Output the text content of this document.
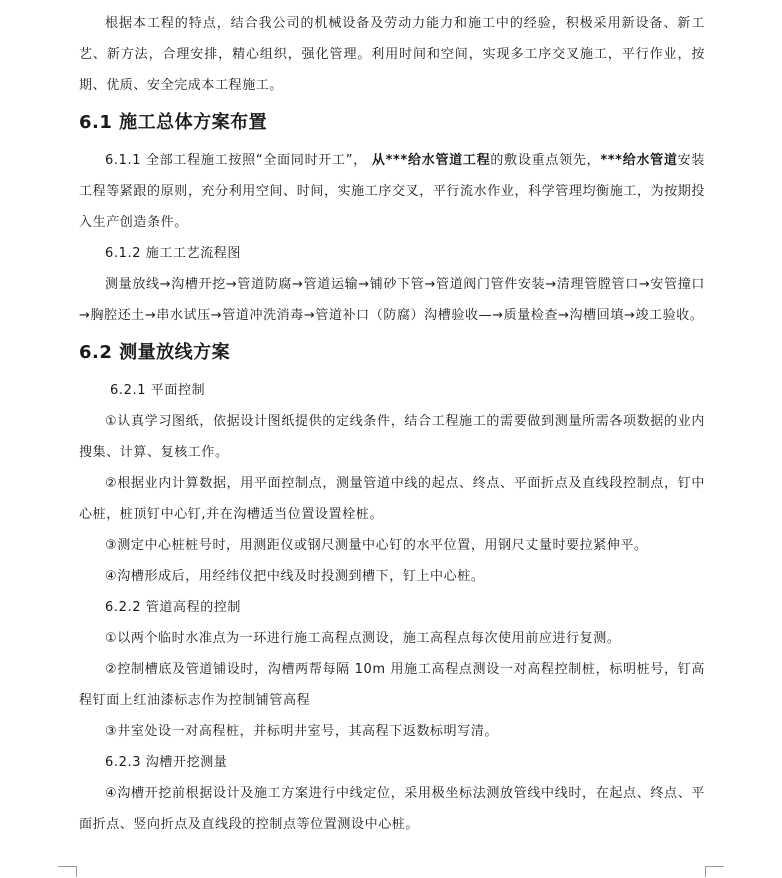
根据本工程的特点，结合我公司的机械设备及劳动力能力和施工中的经验，积极采用新设备、新工艺、新方法，合理安排，精心组织，强化管理。利用时间和空间，实现多工序交叉施工，平行作业，按期、优质、安全完成本工程施工。

6.1 施工总体方案布置

6.1.1 全部工程施工按照“全面同时开工”， 从***给水管道工程的敷设重点领先，***给水管道安装工程等紧跟的原则，充分利用空间、时间，实施工序交叉，平行流水作业，科学管理均衡施工，为按期投入生产创造条件。

6.1.2 施工工艺流程图

测量放线→沟槽开挖→管道防腐→管道运输→铺砂下管→管道阀门管件安装→清理管膛管口→安管撞口→胸腔还土→串水试压→管道冲洗消毒→管道补口（防腐）沟槽验收—→质量检查→沟槽回填→竣工验收。

6.2 测量放线方案

6.2.1 平面控制

①认真学习图纸，依据设计图纸提供的定线条件，结合工程施工的需要做到测量所需各项数据的业内搜集、计算、复核工作。

②根据业内计算数据，用平面控制点，测量管道中线的起点、终点、平面折点及直线段控制点，钉中心桩，桩顶钉中心钉,并在沟槽适当位置设置栓桩。

③测定中心桩桩号时，用测距仪或钢尺测量中心钉的水平位置，用钢尺丈量时要拉紧伸平。

④沟槽形成后，用经纬仪把中线及时投测到槽下，钉上中心桩。

6.2.2 管道高程的控制

①以两个临时水准点为一环进行施工高程点测设，施工高程点每次使用前应进行复测。

②控制槽底及管道铺设时，沟槽两帮每隔 10m 用施工高程点测设一对高程控制桩，标明桩号，钉高程钉面上红油漆标志作为控制铺管高程

③井室处设一对高程桩，并标明井室号，其高程下返数标明写清。

6.2.3 沟槽开挖测量

④沟槽开挖前根据设计及施工方案进行中线定位，采用极坐标法测放管线中线时，在起点、终点、平面折点、竖向折点及直线段的控制点等位置测设中心桩。
